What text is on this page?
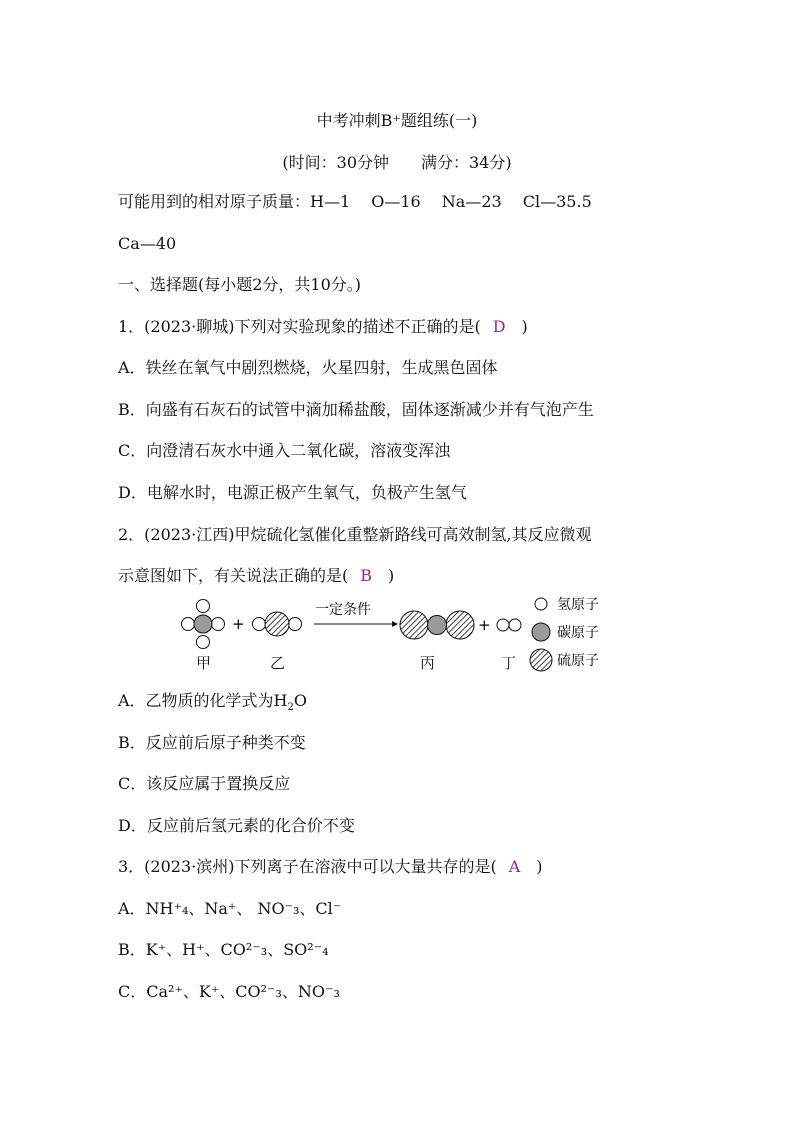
中考冲刺B⁺题组练(一)
(时间：30分钟　　满分：34分)
可能用到的相对原子质量：H—1　 O—16　 Na—23　 Cl—35.5
Ca—40
一、选择题(每小题2分，共10分。)
1．(2023·聊城)下列对实验现象的描述不正确的是( D )
A．铁丝在氧气中剧烈燃烧，火星四射，生成黑色固体
B．向盛有石灰石的试管中滴加稀盐酸，固体逐渐减少并有气泡产生
C．向澄清石灰水中通入二氧化碳，溶液变浑浊
D．电解水时，电源正极产生氧气，负极产生氢气
2．(2023·江西)甲烷硫化氢催化重整新路线可高效制氢,其反应微观
示意图如下，有关说法正确的是( B )
+
一定条件
+
氢原子
碳原子
硫原子
甲	乙	丙	丁
A．乙物质的化学式为$H_2O$
B．反应前后原子种类不变
C．该反应属于置换反应
D．反应前后氢元素的化合价不变
3．(2023·滨州)下列离子在溶液中可以大量共存的是( A )
A．NH⁺₄、Na⁺、 NO⁻₃、Cl⁻
B．K⁺、H⁺、CO²⁻₃、SO²⁻₄
C．Ca²⁺、K⁺、CO²⁻₃、NO⁻₃
